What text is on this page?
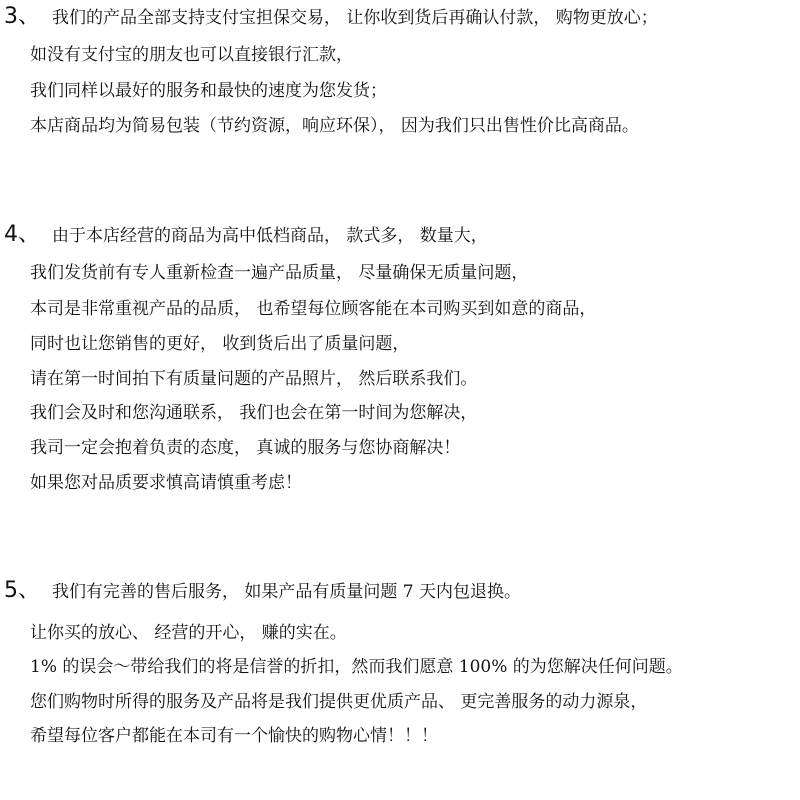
3、 我们的产品全部支持支付宝担保交易， 让你收到货后再确认付款， 购物更放心；
如没有支付宝的朋友也可以直接银行汇款，
我们同样以最好的服务和最快的速度为您发货；
本店商品均为简易包装（节约资源，响应环保）， 因为我们只出售性价比高商品。
4、 由于本店经营的商品为高中低档商品， 款式多， 数量大，
我们发货前有专人重新检查一遍产品质量， 尽量确保无质量问题，
本司是非常重视产品的品质， 也希望每位顾客能在本司购买到如意的商品，
同时也让您销售的更好， 收到货后出了质量问题，
请在第一时间拍下有质量问题的产品照片， 然后联系我们。
我们会及时和您沟通联系， 我们也会在第一时间为您解决，
我司一定会抱着负责的态度， 真诚的服务与您协商解决！
如果您对品质要求慎高请慎重考虑！
5、 我们有完善的售后服务， 如果产品有质量问题 7 天内包退换。
让你买的放心、 经营的开心， 赚的实在。
1% 的误会～带给我们的将是信誉的折扣，然而我们愿意 100% 的为您解决任何问题。
您们购物时所得的服务及产品将是我们提供更优质产品、 更完善服务的动力源泉，
希望每位客户都能在本司有一个愉快的购物心情！！！
